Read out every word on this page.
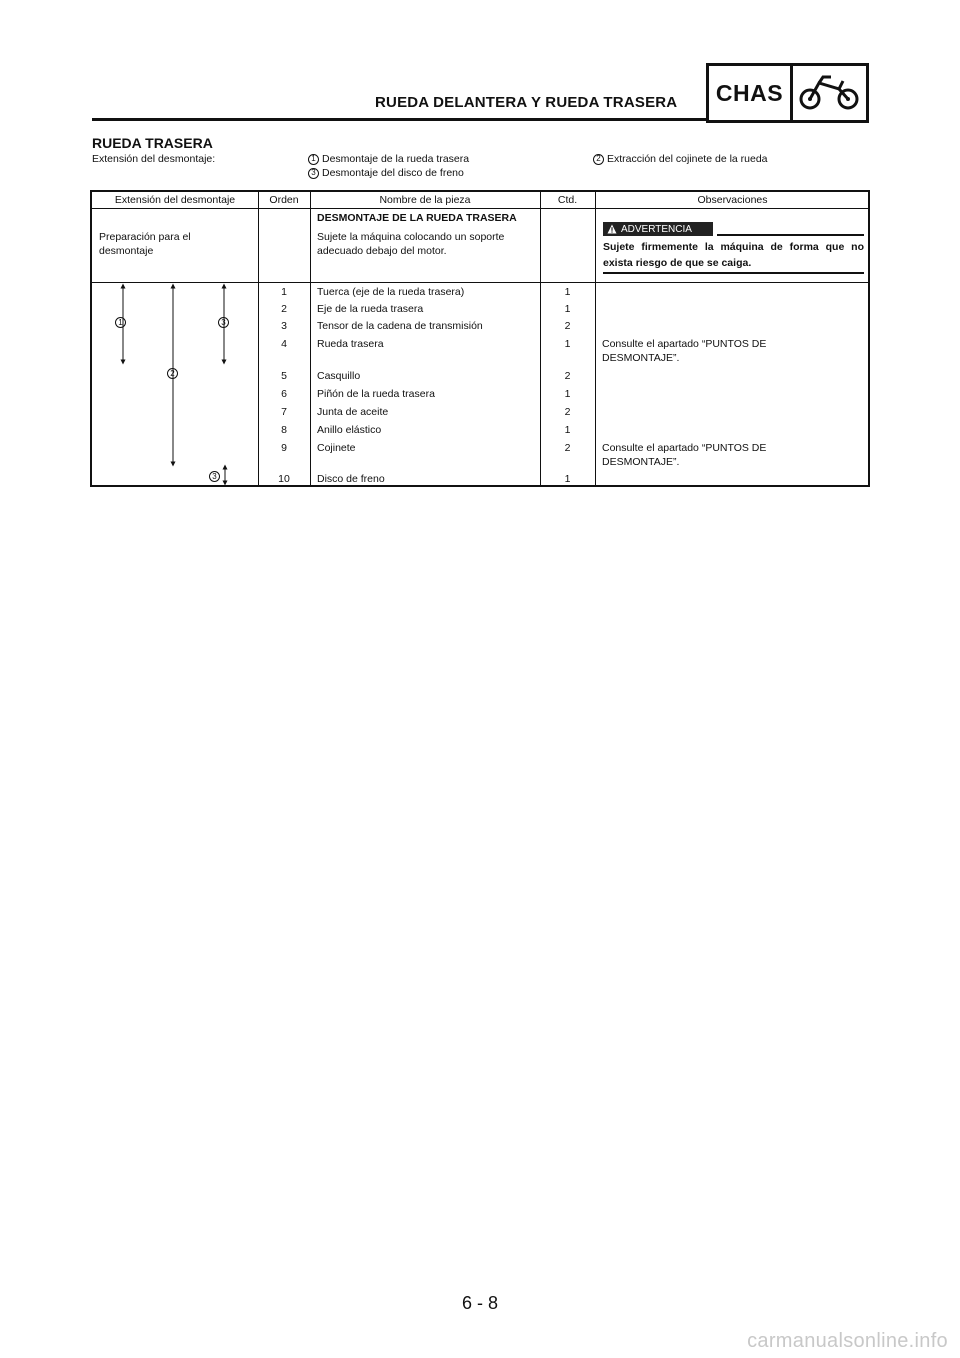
RUEDA DELANTERA Y RUEDA TRASERA	CHAS
RUEDA TRASERA
Extensión del desmontaje:	1 Desmontaje de la rueda trasera	2 Extracción del cojinete de la rueda
3 Desmontaje del disco de freno
Extensión del desmontaje	Orden	Nombre de la pieza	Ctd.	Observaciones
Preparación para el desmontaje
DESMONTAJE DE LA RUEDA TRASERA
Sujete la máquina colocando un soporte adecuado debajo del motor.
ADVERTENCIA
Sujete firmemente la máquina de forma que no exista riesgo de que se caiga.
1	3
2
3
1	Tuerca (eje de la rueda trasera)	1
2	Eje de la rueda trasera	1
3	Tensor de la cadena de transmisión	2
4	Rueda trasera	1	Consulte el apartado “PUNTOS DE DESMONTAJE”.
5	Casquillo	2
6	Piñón de la rueda trasera	1
7	Junta de aceite	2
8	Anillo elástico	1
9	Cojinete	2	Consulte el apartado “PUNTOS DE DESMONTAJE”.
10	Disco de freno	1
6 - 8
carmanualsonline.info
